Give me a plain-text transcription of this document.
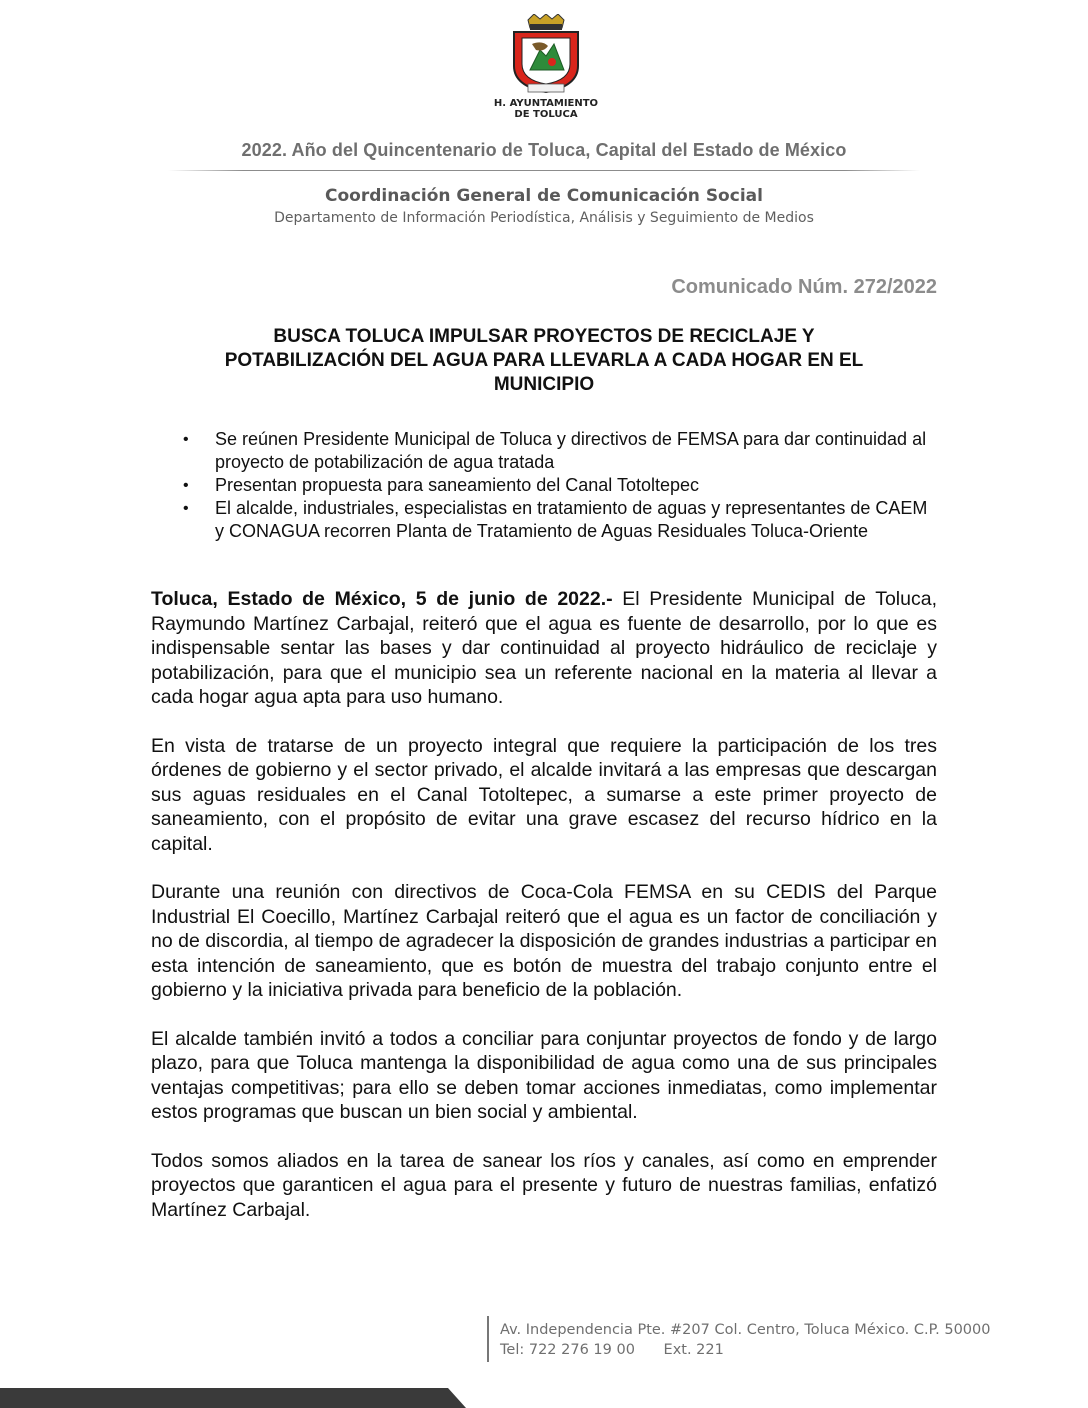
H. AYUNTAMIENTO
DE TOLUCA
2022. Año del Quincentenario de Toluca, Capital del Estado de México
Coordinación General de Comunicación Social
Departamento de Información Periodística, Análisis y Seguimiento de Medios
Comunicado Núm. 272/2022
BUSCA TOLUCA IMPULSAR PROYECTOS DE RECICLAJE Y
POTABILIZACIÓN DEL AGUA PARA LLEVARLA A CADA HOGAR EN EL
MUNICIPIO
• Se reúnen Presidente Municipal de Toluca y directivos de FEMSA para dar continuidad al proyecto de potabilización de agua tratada
• Presentan propuesta para saneamiento del Canal Totoltepec
• El alcalde, industriales, especialistas en tratamiento de aguas y representantes de CAEM y CONAGUA recorren Planta de Tratamiento de Aguas Residuales Toluca-Oriente

Toluca, Estado de México, 5 de junio de 2022.- El Presidente Municipal de Toluca, Raymundo Martínez Carbajal, reiteró que el agua es fuente de desarrollo, por lo que es indispensable sentar las bases y dar continuidad al proyecto hidráulico de reciclaje y potabilización, para que el municipio sea un referente nacional en la materia al llevar a cada hogar agua apta para uso humano.

En vista de tratarse de un proyecto integral que requiere la participación de los tres órdenes de gobierno y el sector privado, el alcalde invitará a las empresas que descargan sus aguas residuales en el Canal Totoltepec, a sumarse a este primer proyecto de saneamiento, con el propósito de evitar una grave escasez del recurso hídrico en la capital.

Durante una reunión con directivos de Coca-Cola FEMSA en su CEDIS del Parque Industrial El Coecillo, Martínez Carbajal reiteró que el agua es un factor de conciliación y no de discordia, al tiempo de agradecer la disposición de grandes industrias a participar en esta intención de saneamiento, que es botón de muestra del trabajo conjunto entre el gobierno y la iniciativa privada para beneficio de la población.

El alcalde también invitó a todos a conciliar para conjuntar proyectos de fondo y de largo plazo, para que Toluca mantenga la disponibilidad de agua como una de sus principales ventajas competitivas; para ello se deben tomar acciones inmediatas, como implementar estos programas que buscan un bien social y ambiental.

Todos somos aliados en la tarea de sanear los ríos y canales, así como en emprender proyectos que garanticen el agua para el presente y futuro de nuestras familias, enfatizó Martínez Carbajal.

Av. Independencia Pte. #207 Col. Centro, Toluca México. C.P. 50000
Tel: 722 276 19 00 Ext. 221
